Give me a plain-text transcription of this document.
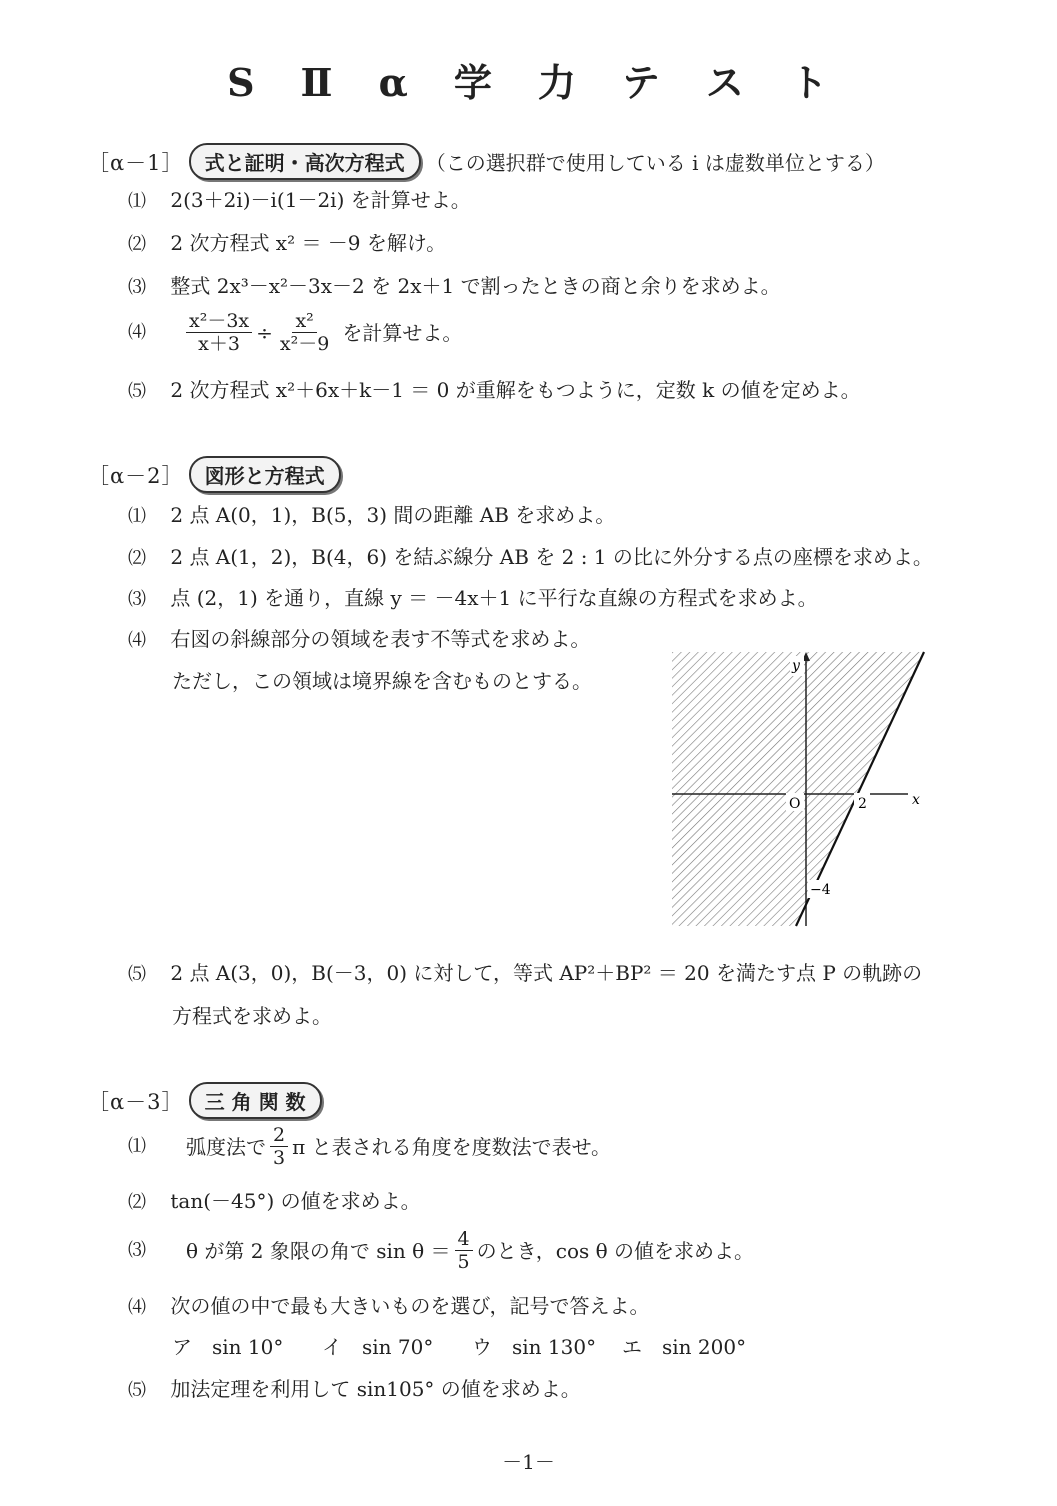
S Ⅱ α 学 力 テ ス ト
［α－1］ 式と証明・高次方程式 （この選択群で使用している i は虚数単位とする）
⑴ 2(3＋2i)－i(1－2i) を計算せよ。
⑵ 2 次方程式 x² ＝ －9 を解け。
⑶ 整式 2x³－x²－3x－2 を 2x＋1 で割ったときの商と余りを求めよ。
⑷	$\frac{\text{x²－3x}}{x+3} \div \frac{\text{x²}}{\text{x²－9}}$ を計算せよ。
⑸ 2 次方程式 x²＋6x＋k－1 ＝ 0 が重解をもつように，定数 k の値を定めよ。
［α－2］ 図形と方程式
⑴ 2 点 A(0，1)，B(5，3) 間の距離 AB を求めよ。
⑵ 2 点 A(1，2)，B(4，6) を結ぶ線分 AB を 2 : 1 の比に外分する点の座標を求めよ。
⑶ 点 (2，1) を通り，直線 y ＝ －4x＋1 に平行な直線の方程式を求めよ。
⑷ 右図の斜線部分の領域を表す不等式を求めよ。
ただし，この領域は境界線を含むものとする。
y
x
O	2
−4
⑸ 2 点 A(3，0)，B(－3，0) に対して，等式 AP²＋BP² ＝ 20 を満たす点 P の軌跡の
方程式を求めよ。
［α－3］ 三 角 関 数
⑴	弧度法で $\frac{2}{3}$ π と表される角度を度数法で表せ。
⑵ tan(－45°) の値を求めよ。
⑶	θ が第 2 象限の角で $\sin \theta = \frac{4}{5}$ のとき，cos θ の値を求めよ。
⑷ 次の値の中で最も大きいものを選び，記号で答えよ。
ア　sin 10° イ　sin 70° ウ　sin 130° エ　sin 200°
⑸ 加法定理を利用して sin105° の値を求めよ。
－1－
